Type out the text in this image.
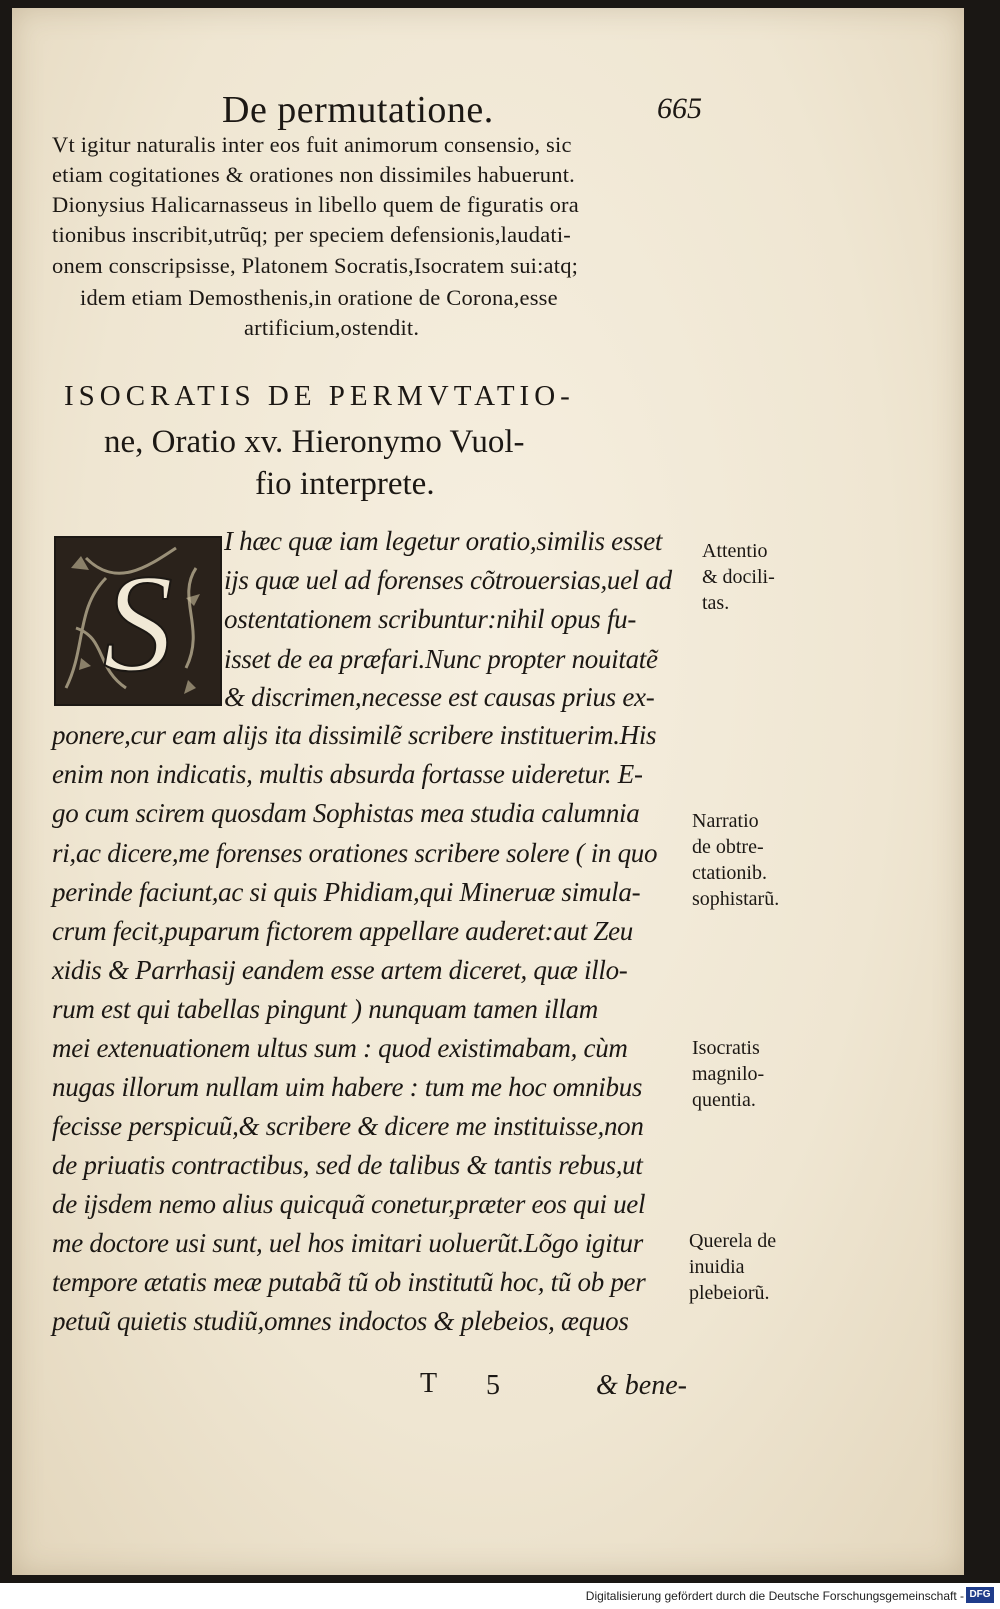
De permutatione.	665
Vt igitur naturalis inter eos fuit animorum consensio, sic
etiam cogitationes & orationes non dissimiles habuerunt.
Dionysius Halicarnasseus in libello quem de figuratis ora
tionibus inscribit,utrũq; per speciem defensionis,laudati-
onem conscripsisse, Platonem Socratis,Isocratem sui:atq;
idem etiam Demosthenis,in oratione de Corona,esse
artificium,ostendit.
ISOCRATIS DE PERMVTATIO-
ne, Oratio xv. Hieronymo Vuol-
fio interprete.
S
I hæc quæ iam legetur oratio,similis esset
ijs quæ uel ad forenses cõtrouersias,uel ad
ostentationem scribuntur:nihil opus fu-
isset de ea præfari.Nunc propter nouitatẽ
& discrimen,necesse est causas prius ex-
ponere,cur eam alijs ita dissimilẽ scribere instituerim.His
enim non indicatis, multis absurda fortasse uideretur. E-
go cum scirem quosdam Sophistas mea studia calumnia
ri,ac dicere,me forenses orationes scribere solere ( in quo
perinde faciunt,ac si quis Phidiam,qui Mineruæ simula-
crum fecit,puparum fictorem appellare auderet:aut Zeu
xidis & Parrhasij eandem esse artem diceret, quæ illo-
rum est qui tabellas pingunt ) nunquam tamen illam
mei extenuationem ultus sum : quod existimabam, cùm
nugas illorum nullam uim habere : tum me hoc omnibus
fecisse perspicuũ,& scribere & dicere me instituisse,non
de priuatis contractibus, sed de talibus & tantis rebus,ut
de ijsdem nemo alius quicquã conetur,præter eos qui uel
me doctore usi sunt, uel hos imitari uoluerũt.Lõgo igitur
tempore ætatis meæ putabã tũ ob institutũ hoc, tũ ob per
petuũ quietis studiũ,omnes indoctos & plebeios, æquos
Attentio
& docili-
tas.
Narratio
de obtre-
ctationib.
sophistarũ.
Isocratis
magnilo-
quentia.
Querela de
inuidia
plebeiorũ.
T 5	& bene-
Digitalisierung gefördert durch die Deutsche Forschungsgemeinschaft - DFG
